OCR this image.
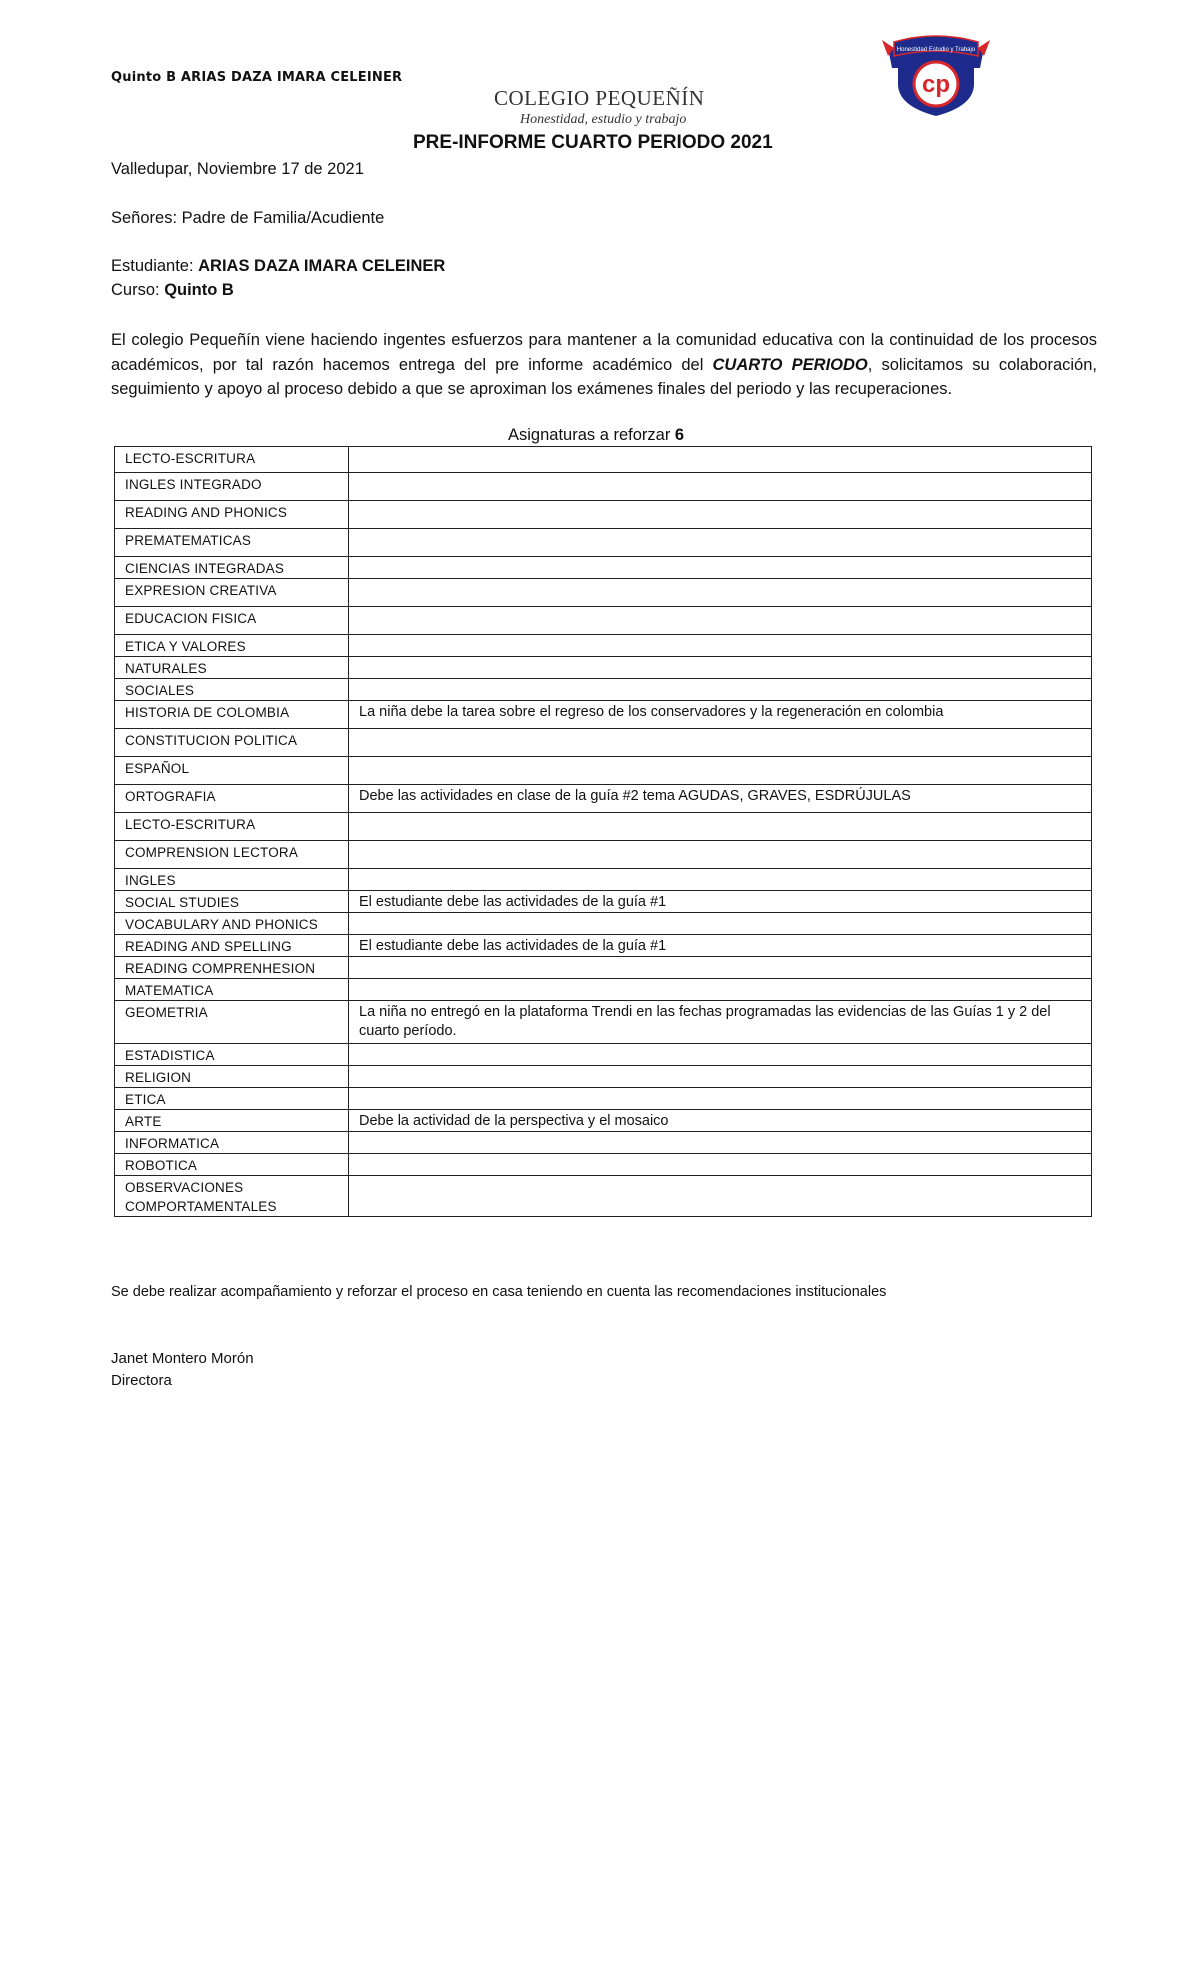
Quinto B ARIAS DAZA IMARA CELEINER
Honestidad Estudio y Trabajo
cp
COLEGIO PEQUEÑÍN
Honestidad, estudio y trabajo
PRE-INFORME CUARTO PERIODO 2021
Valledupar, Noviembre 17 de 2021
Señores: Padre de Familia/Acudiente
Estudiante: ARIAS DAZA IMARA CELEINER
Curso: Quinto B
El colegio Pequeñín viene haciendo ingentes esfuerzos para mantener a la comunidad educativa con la continuidad de los procesos académicos, por tal razón hacemos entrega del pre informe académico del CUARTO PERIODO, solicitamos su colaboración, seguimiento y apoyo al proceso debido a que se aproximan los exámenes finales del periodo y las recuperaciones.
Asignaturas a reforzar 6
LECTO-ESCRITURA	
INGLES INTEGRADO	
READING AND PHONICS	
PREMATEMATICAS	
CIENCIAS INTEGRADAS	
EXPRESION CREATIVA	
EDUCACION FISICA	
ETICA Y VALORES	
NATURALES	
SOCIALES	
HISTORIA DE COLOMBIA	La niña debe la tarea sobre el regreso de los conservadores y la regeneración en colombia
CONSTITUCION POLITICA	
ESPAÑOL	
ORTOGRAFIA	Debe las actividades en clase de la guía #2 tema AGUDAS, GRAVES, ESDRÚJULAS
LECTO-ESCRITURA	
COMPRENSION LECTORA	
INGLES	
SOCIAL STUDIES	El estudiante debe las actividades de la guía #1
VOCABULARY AND PHONICS	
READING AND SPELLING	El estudiante debe las actividades de la guía #1
READING COMPRENHESION	
MATEMATICA	
GEOMETRIA	La niña no entregó en la plataforma Trendi en las fechas programadas las evidencias de las Guías 1 y 2 del cuarto período.
ESTADISTICA	
RELIGION	
ETICA	
ARTE	Debe la actividad de la perspectiva y el mosaico
INFORMATICA	
ROBOTICA	
OBSERVACIONES COMPORTAMENTALES	
Se debe realizar acompañamiento y reforzar el proceso en casa teniendo en cuenta las recomendaciones institucionales
Janet Montero Morón
Directora
